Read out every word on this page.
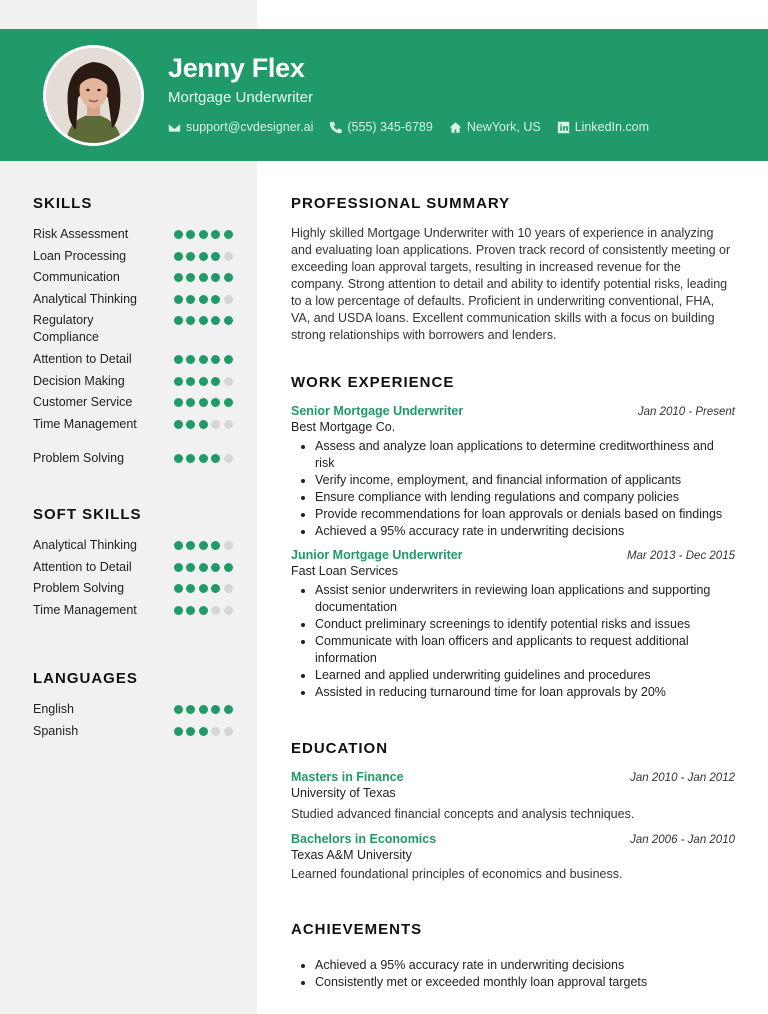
Jenny Flex
Mortgage Underwriter
support@cvdesigner.ai	(555) 345-6789	NewYork, US	LinkedIn.com
SKILLS
Risk Assessment
Loan Processing
Communication
Analytical Thinking
Regulatory Compliance
Attention to Detail
Decision Making
Customer Service
Time Management
Problem Solving
SOFT SKILLS
Analytical Thinking
Attention to Detail
Problem Solving
Time Management
LANGUAGES
English
Spanish
PROFESSIONAL SUMMARY

Highly skilled Mortgage Underwriter with 10 years of experience in analyzing and evaluating loan applications. Proven track record of consistently meeting or exceeding loan approval targets, resulting in increased revenue for the company. Strong attention to detail and ability to identify potential risks, leading to a low percentage of defaults. Proficient in underwriting conventional, FHA, VA, and USDA loans. Excellent communication skills with a focus on building strong relationships with borrowers and lenders.

WORK EXPERIENCE
Senior Mortgage Underwriter	Jan 2010 - Present
Best Mortgage Co.
Assess and analyze loan applications to determine creditworthiness and risk
Verify income, employment, and financial information of applicants
Ensure compliance with lending regulations and company policies
Provide recommendations for loan approvals or denials based on findings
Achieved a 95% accuracy rate in underwriting decisions
Junior Mortgage Underwriter	Mar 2013 - Dec 2015
Fast Loan Services
Assist senior underwriters in reviewing loan applications and supporting documentation
Conduct preliminary screenings to identify potential risks and issues
Communicate with loan officers and applicants to request additional information
Learned and applied underwriting guidelines and procedures
Assisted in reducing turnaround time for loan approvals by 20%
EDUCATION
Masters in Finance	Jan 2010 - Jan 2012
University of Texas

Studied advanced financial concepts and analysis techniques.

Bachelors in Economics	Jan 2006 - Jan 2010
Texas A&M University

Learned foundational principles of economics and business.

ACHIEVEMENTS
Achieved a 95% accuracy rate in underwriting decisions
Consistently met or exceeded monthly loan approval targets
